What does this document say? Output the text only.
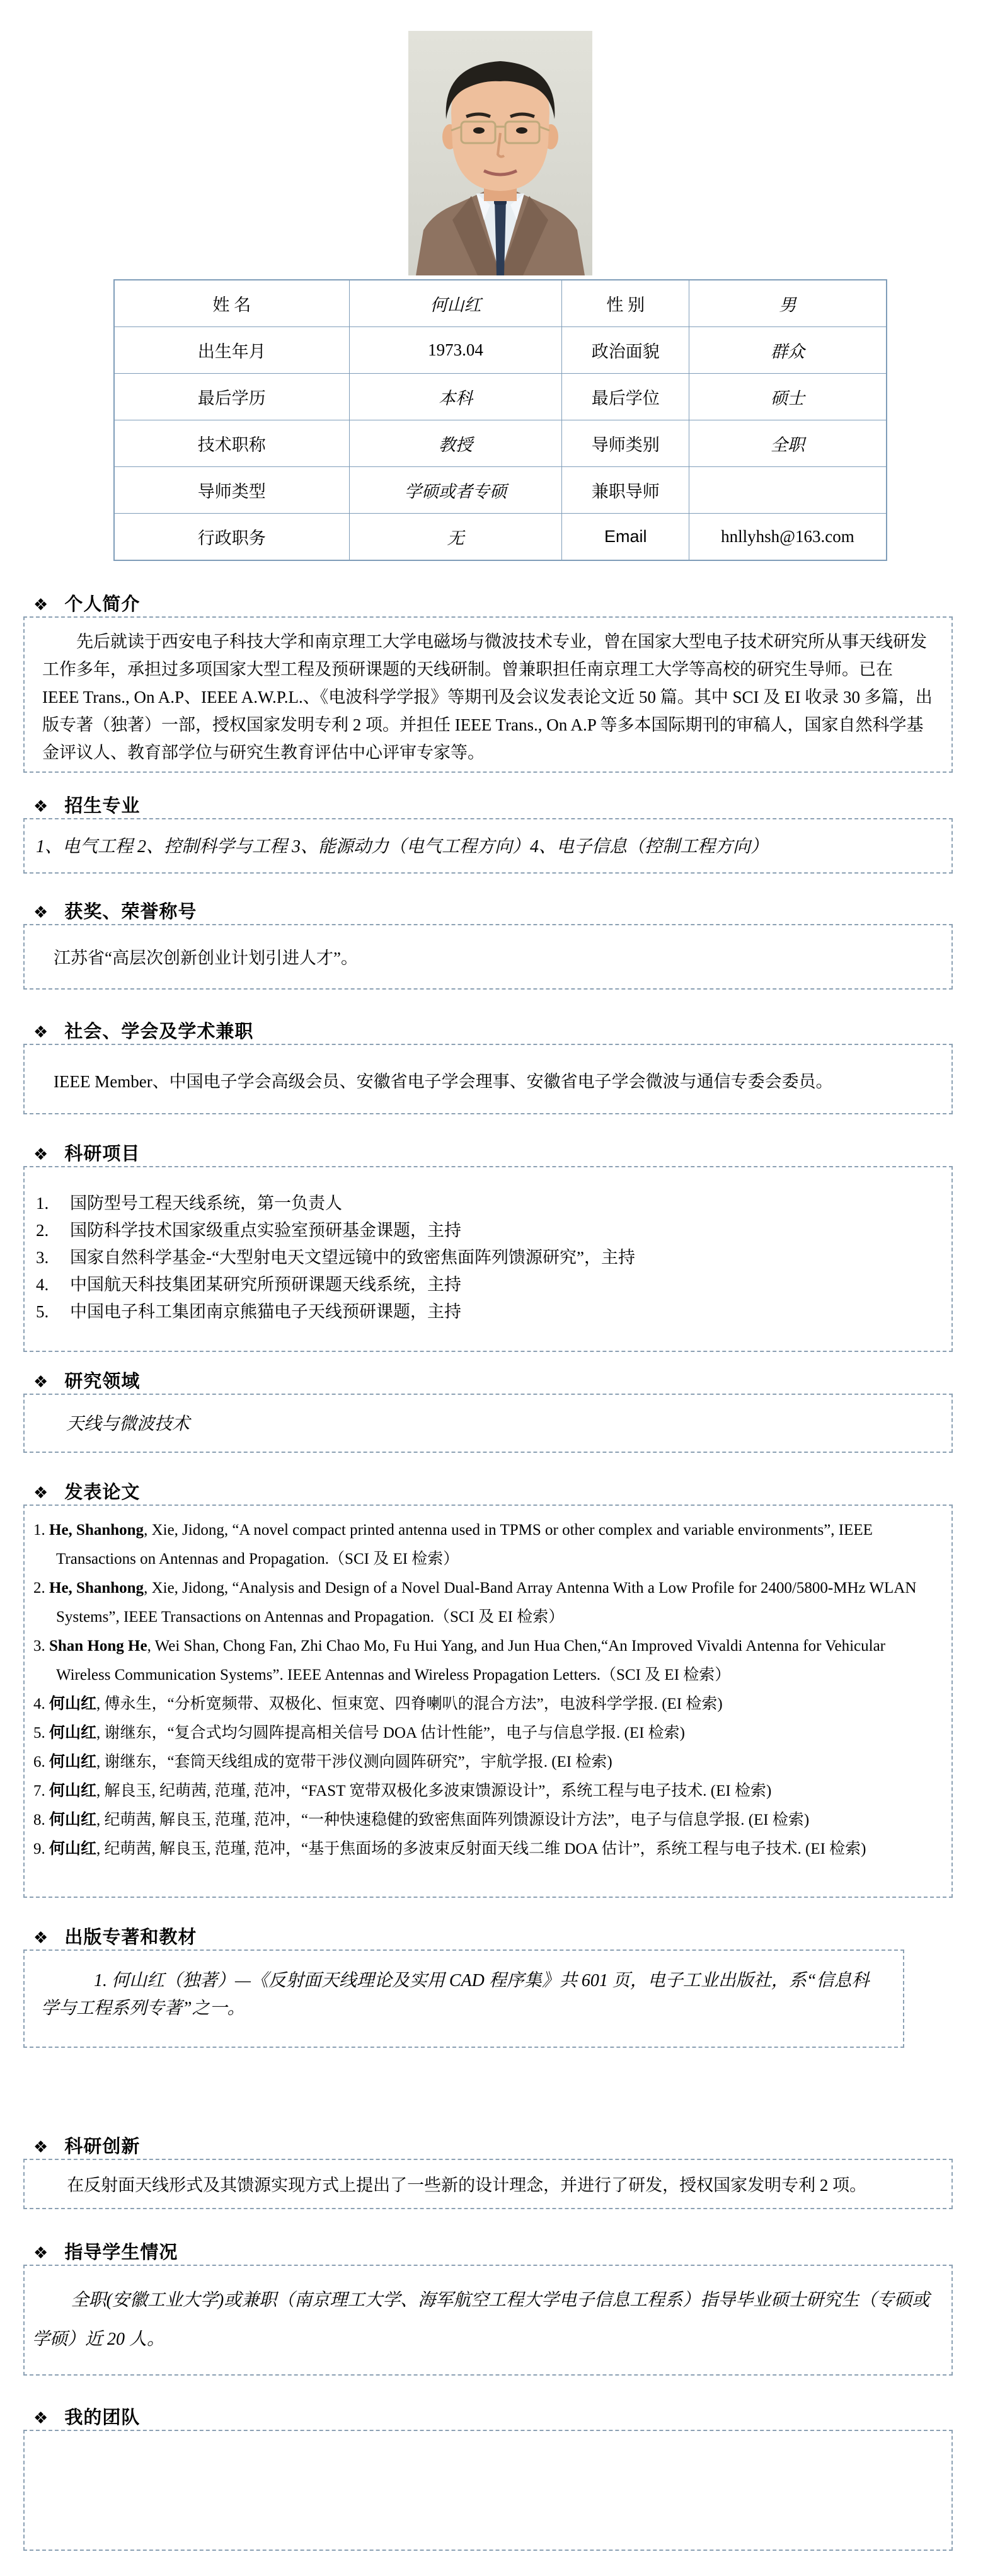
姓 名	何山红	性 别	男
出生年月	1973.04	政治面貌	群众
最后学历	本科	最后学位	硕士
技术职称	教授	导师类别	全职
导师类型	学硕或者专硕	兼职导师	
行政职务	无	Email	hnllyhsh@163.com
❖ 个人简介

先后就读于西安电子科技大学和南京理工大学电磁场与微波技术专业，曾在国家大型电子技术研究所从事天线研发工作多年，承担过多项国家大型工程及预研课题的天线研制。曾兼职担任南京理工大学等高校的研究生导师。已在 IEEE Trans., On A.P、IEEE A.W.P.L.、《电波科学学报》等期刊及会议发表论文近 50 篇。其中 SCI 及 EI 收录 30 多篇，出版专著（独著）一部，授权国家发明专利 2 项。并担任 IEEE Trans., On A.P 等多本国际期刊的审稿人，国家自然科学基金评议人、教育部学位与研究生教育评估中心评审专家等。

❖ 招生专业

1、电气工程 2、控制科学与工程 3、能源动力（电气工程方向）4、电子信息（控制工程方向）

❖ 获奖、荣誉称号

江苏省“高层次创新创业计划引进人才”。

❖ 社会、学会及学术兼职

IEEE Member、中国电子学会高级会员、安徽省电子学会理事、安徽省电子学会微波与通信专委会委员。

❖ 科研项目
1.	国防型号工程天线系统，第一负责人
2.	国防科学技术国家级重点实验室预研基金课题，主持
3.	国家自然科学基金-“大型射电天文望远镜中的致密焦面阵列馈源研究”，主持
4.	中国航天科技集团某研究所预研课题天线系统，主持
5.	中国电子科工集团南京熊猫电子天线预研课题，主持
❖ 研究领域

天线与微波技术

❖ 发表论文

1. He, Shanhong, Xie, Jidong, “A novel compact printed antenna used in TPMS or other complex and variable environments”, IEEE Transactions on Antennas and Propagation.（SCI 及 EI 检索）

2. He, Shanhong, Xie, Jidong, “Analysis and Design of a Novel Dual-Band Array Antenna With a Low Profile for 2400/5800-MHz WLAN Systems”, IEEE Transactions on Antennas and Propagation.（SCI 及 EI 检索）

3. Shan Hong He, Wei Shan, Chong Fan, Zhi Chao Mo, Fu Hui Yang, and Jun Hua Chen,“An Improved Vivaldi Antenna for Vehicular Wireless Communication Systems”. IEEE Antennas and Wireless Propagation Letters.（SCI 及 EI 检索）

4. 何山红, 傅永生，“分析宽频带、双极化、恒束宽、四脊喇叭的混合方法”，电波科学学报. (EI 检索)

5. 何山红, 谢继东，“复合式均匀圆阵提高相关信号 DOA 估计性能”，电子与信息学报. (EI 检索)

6. 何山红, 谢继东，“套筒天线组成的宽带干涉仪测向圆阵研究”，宇航学报. (EI 检索)

7. 何山红, 解良玉, 纪萌茜, 范瑾, 范冲，“FAST 宽带双极化多波束馈源设计”，系统工程与电子技术. (EI 检索)

8. 何山红, 纪萌茜, 解良玉, 范瑾, 范冲，“一种快速稳健的致密焦面阵列馈源设计方法”，电子与信息学报. (EI 检索)

9. 何山红, 纪萌茜, 解良玉, 范瑾, 范冲，“基于焦面场的多波束反射面天线二维 DOA 估计”，系统工程与电子技术. (EI 检索)

❖ 出版专著和教材

1. 何山红（独著）—《反射面天线理论及实用 CAD 程序集》共 601 页，电子工业出版社，系“信息科学与工程系列专著”之一。

❖ 科研创新

在反射面天线形式及其馈源实现方式上提出了一些新的设计理念，并进行了研发，授权国家发明专利 2 项。

❖ 指导学生情况

全职(安徽工业大学)或兼职（南京理工大学、海军航空工程大学电子信息工程系）指导毕业硕士研究生（专硕或学硕）近 20 人。

❖ 我的团队
